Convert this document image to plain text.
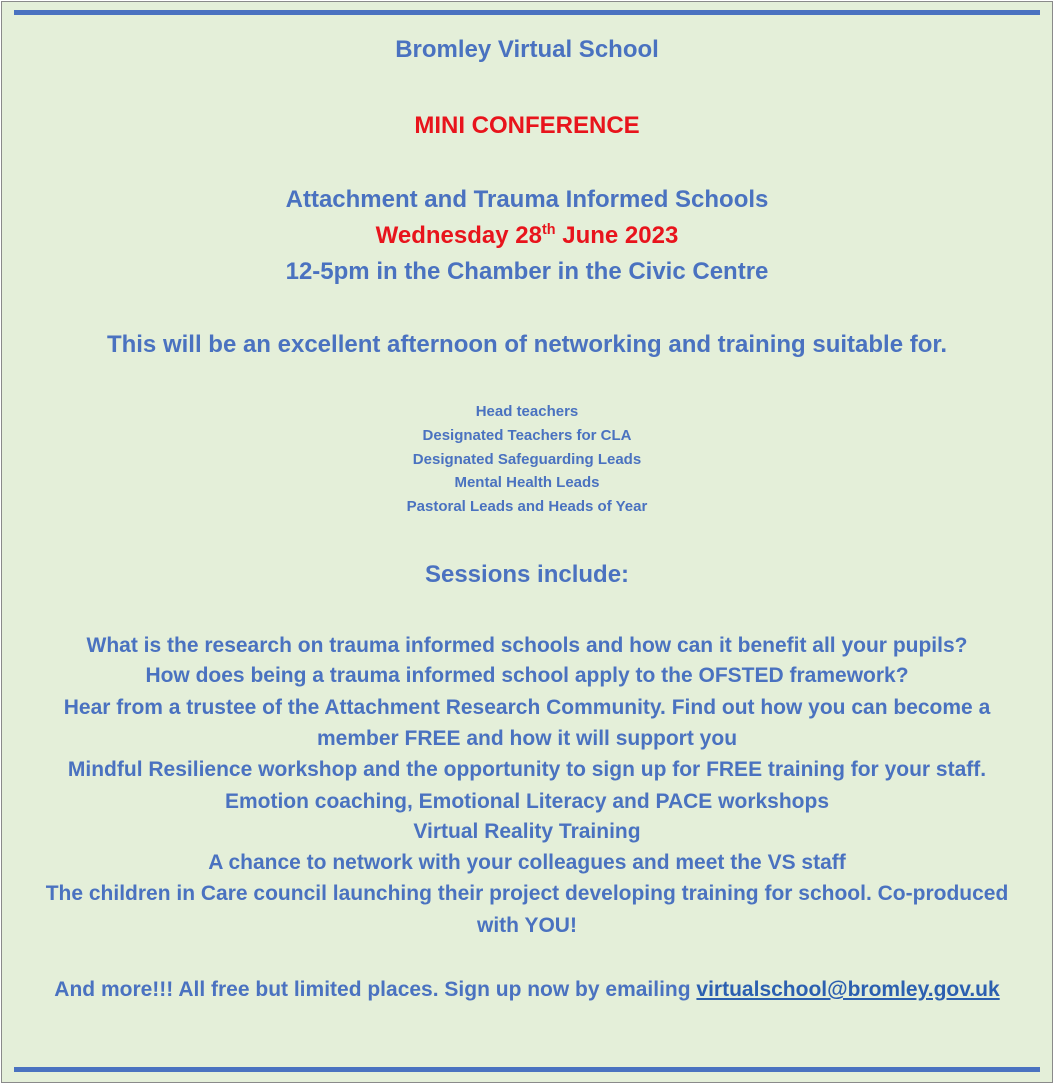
Bromley Virtual School
MINI CONFERENCE
Attachment and Trauma Informed Schools
Wednesday 28th June 2023
12-5pm in the Chamber in the Civic Centre
This will be an excellent afternoon of networking and training suitable for.
Head teachers
Designated Teachers for CLA
Designated Safeguarding Leads
Mental Health Leads
Pastoral Leads and Heads of Year
Sessions include:
What is the research on trauma informed schools and how can it benefit all your pupils?
How does being a trauma informed school apply to the OFSTED framework?
Hear from a trustee of the Attachment Research Community. Find out how you can become a
member FREE and how it will support you
Mindful Resilience workshop and the opportunity to sign up for FREE training for your staff.
Emotion coaching, Emotional Literacy and PACE workshops
Virtual Reality Training
A chance to network with your colleagues and meet the VS staff
The children in Care council launching their project developing training for school. Co-produced
with YOU!
And more!!! All free but limited places. Sign up now by emailing virtualschool@bromley.gov.uk
